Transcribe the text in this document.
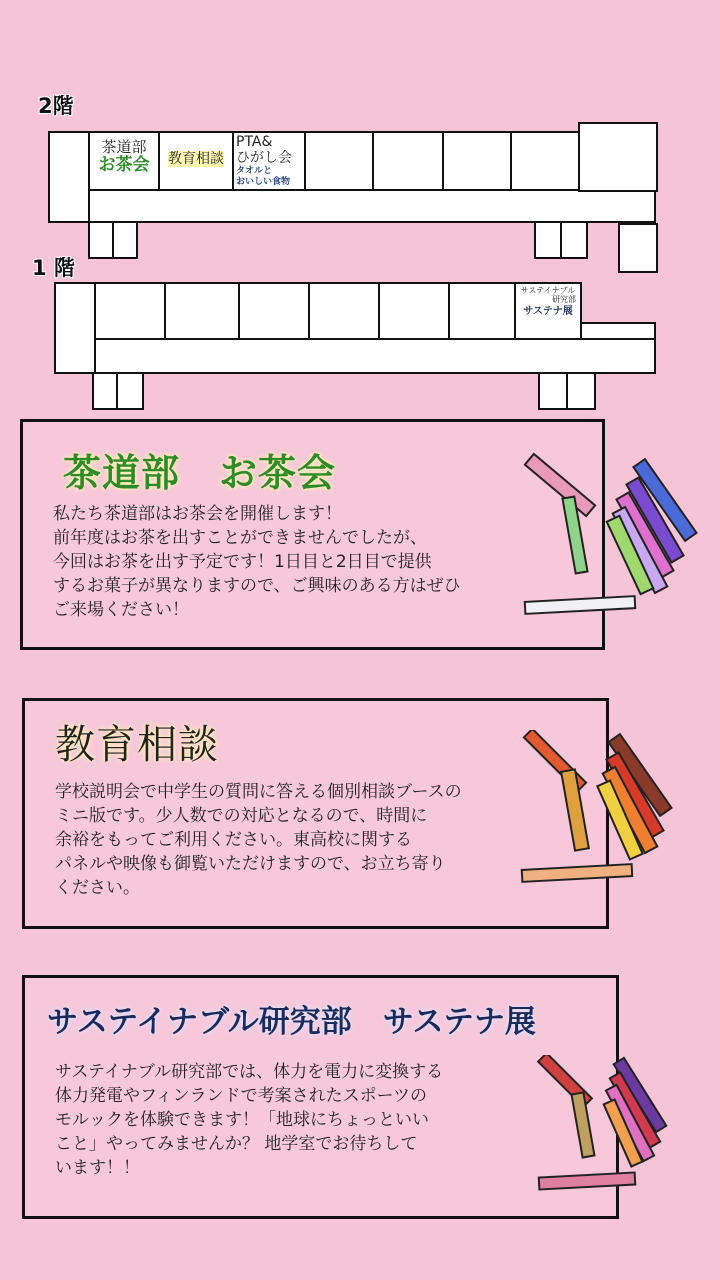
2階
茶道部
お茶会	教育相談
PTA&
ひがし会
タオルと
おいしい食物
1 階
サステイナブル
研究部
サステナ展
茶道部　お茶会
私たち茶道部はお茶会を開催します！
前年度はお茶を出すことができませんでしたが、
今回はお茶を出す予定です！1日目と2日目で提供
するお菓子が異なりますので、ご興味のある方はぜひ
ご来場ください！
教育相談
学校説明会で中学生の質問に答える個別相談ブースの
ミニ版です。少人数での対応となるので、時間に
余裕をもってご利用ください。東高校に関する
パネルや映像も御覧いただけますので、お立ち寄り
ください。
サステイナブル研究部　サステナ展
サステイナブル研究部では、体力を電力に変換する
体力発電やフィンランドで考案されたスポーツの
モルックを体験できます！「地球にちょっといい
こと」やってみませんか？ 地学室でお待ちして
います！！
